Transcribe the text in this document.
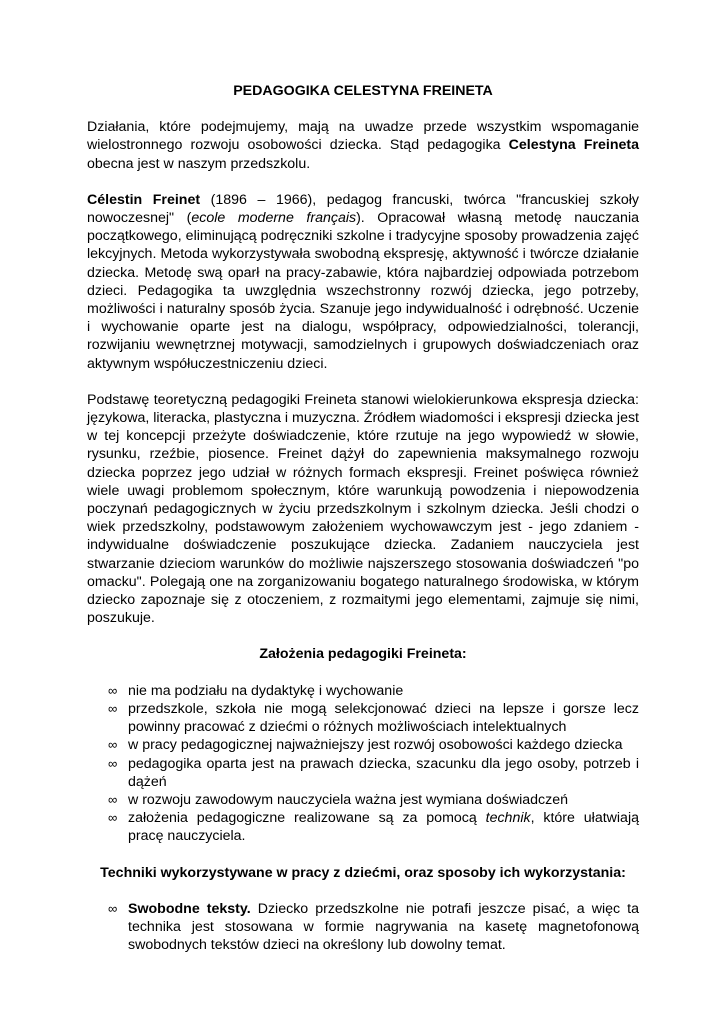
PEDAGOGIKA CELESTYNA FREINETA

Działania, które podejmujemy, mają na uwadze przede wszystkim wspomaganie wielostronnego rozwoju osobowości dziecka. Stąd pedagogika Celestyna Freineta obecna jest w naszym przedszkolu.

Célestin Freinet (1896 – 1966), pedagog francuski, twórca "francuskiej szkoły nowoczesnej" (ecole moderne français). Opracował własną metodę nauczania początkowego, eliminującą podręczniki szkolne i tradycyjne sposoby prowadzenia zajęć lekcyjnych. Metoda wykorzystywała swobodną ekspresję, aktywność i twórcze działanie dziecka. Metodę swą oparł na pracy-zabawie, która najbardziej odpowiada potrzebom dzieci. Pedagogika ta uwzględnia wszechstronny rozwój dziecka, jego potrzeby, możliwości i naturalny sposób życia. Szanuje jego indywidualność i odrębność. Uczenie i wychowanie oparte jest na dialogu, współpracy, odpowiedzialności, tolerancji, rozwijaniu wewnętrznej motywacji, samodzielnych i grupowych doświadczeniach oraz aktywnym współuczestniczeniu dzieci.

Podstawę teoretyczną pedagogiki Freineta stanowi wielokierunkowa ekspresja dziecka: językowa, literacka, plastyczna i muzyczna. Źródłem wiadomości i ekspresji dziecka jest w tej koncepcji przeżyte doświadczenie, które rzutuje na jego wypowiedź w słowie, rysunku, rzeźbie, piosence. Freinet dążył do zapewnienia maksymalnego rozwoju dziecka poprzez jego udział w różnych formach ekspresji. Freinet poświęca również wiele uwagi problemom społecznym, które warunkują powodzenia i niepowodzenia poczynań pedagogicznych w życiu przedszkolnym i szkolnym dziecka. Jeśli chodzi o wiek przedszkolny, podstawowym założeniem wychowawczym jest - jego zdaniem - indywidualne doświadczenie poszukujące dziecka. Zadaniem nauczyciela jest stwarzanie dzieciom warunków do możliwie najszerszego stosowania doświadczeń "po omacku". Polegają one na zorganizowaniu bogatego naturalnego środowiska, w którym dziecko zapoznaje się z otoczeniem, z rozmaitymi jego elementami, zajmuje się nimi, poszukuje.

Założenia pedagogiki Freineta:
∞ nie ma podziału na dydaktykę i wychowanie
∞ przedszkole, szkoła nie mogą selekcjonować dzieci na lepsze i gorsze lecz powinny pracować z dziećmi o różnych możliwościach intelektualnych
∞ w pracy pedagogicznej najważniejszy jest rozwój osobowości każdego dziecka
∞ pedagogika oparta jest na prawach dziecka, szacunku dla jego osoby, potrzeb i dążeń
∞ w rozwoju zawodowym nauczyciela ważna jest wymiana doświadczeń
∞ założenia pedagogiczne realizowane są za pomocą technik, które ułatwiają pracę nauczyciela.
Techniki wykorzystywane w pracy z dziećmi, oraz sposoby ich wykorzystania:
∞ Swobodne teksty. Dziecko przedszkolne nie potrafi jeszcze pisać, a więc ta technika jest stosowana w formie nagrywania na kasetę magnetofonową swobodnych tekstów dzieci na określony lub dowolny temat.
